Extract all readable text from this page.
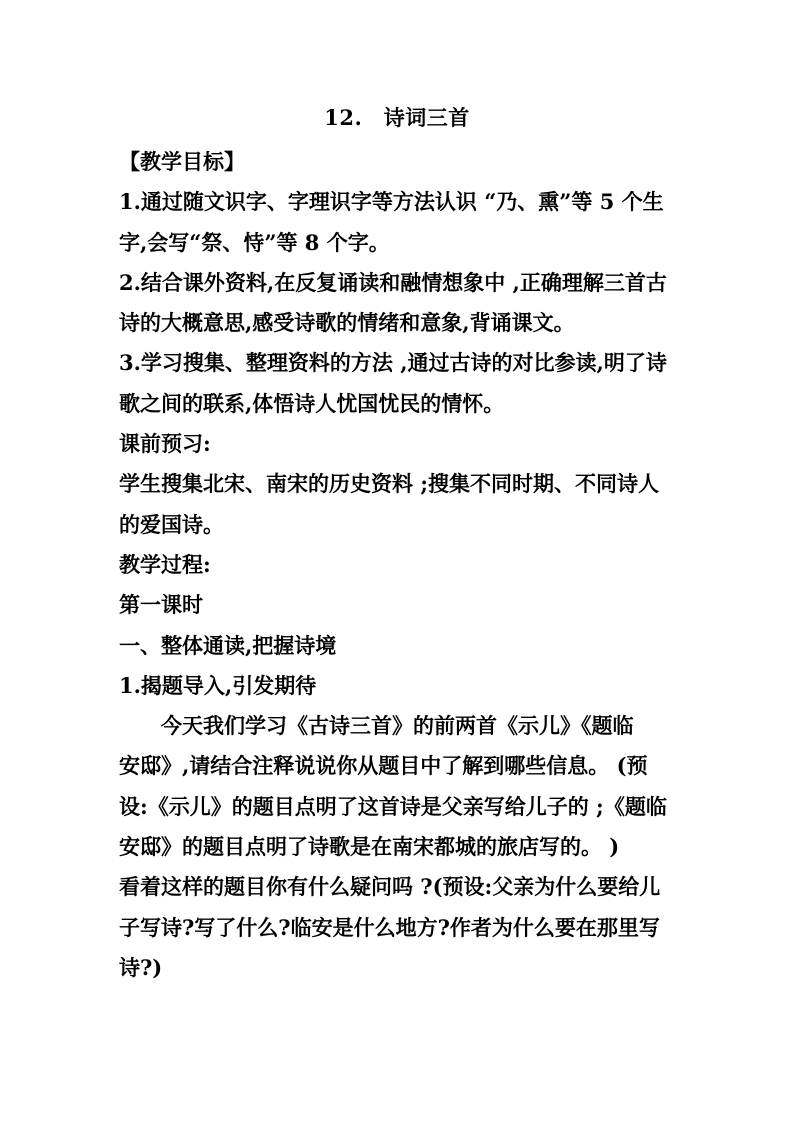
12.　诗词三首
【教学目标】
1.通过随文识字、字理识字等方法认识 “乃、熏”等 5 个生
字,会写“祭、恃”等 8 个字。
2.结合课外资料,在反复诵读和融情想象中 ,正确理解三首古
诗的大概意思,感受诗歌的情绪和意象,背诵课文。
3.学习搜集、整理资料的方法 ,通过古诗的对比参读,明了诗
歌之间的联系,体悟诗人忧国忧民的情怀。
课前预习:
学生搜集北宋、南宋的历史资料 ;搜集不同时期、不同诗人
的爱国诗。
教学过程:
第一课时
一、整体通读,把握诗境
1.揭题导入,引发期待
今天我们学习《古诗三首》的前两首《示儿》《题临
安邸》,请结合注释说说你从题目中了解到哪些信息。 (预
设:《示儿》的题目点明了这首诗是父亲写给儿子的 ;《题临
安邸》的题目点明了诗歌是在南宋都城的旅店写的。 )
看着这样的题目你有什么疑问吗 ?(预设:父亲为什么要给儿
子写诗?写了什么?临安是什么地方?作者为什么要在那里写
诗?)
